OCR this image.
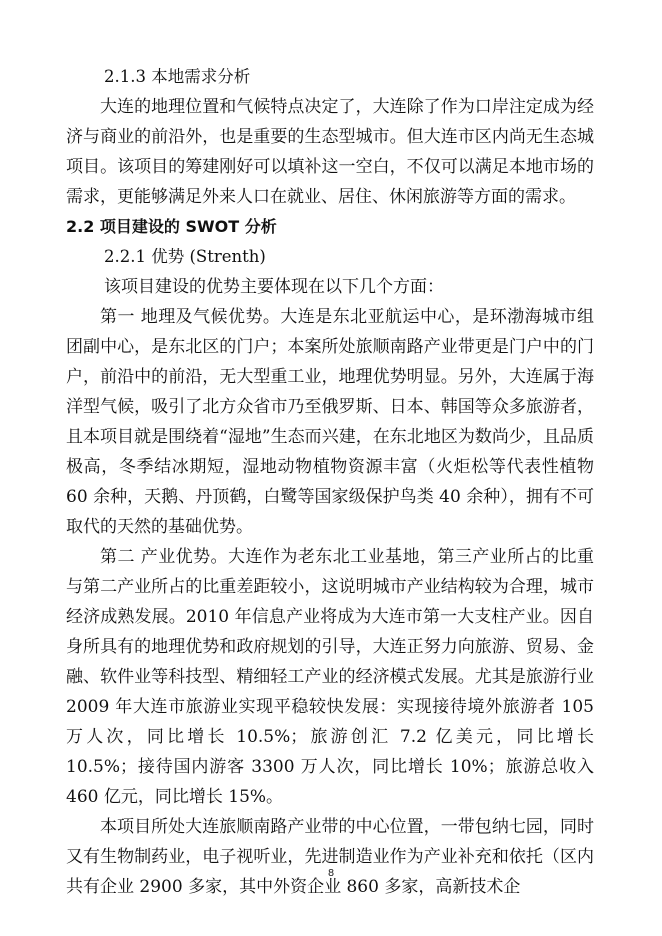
2.1.3 本地需求分析

大连的地理位置和气候特点决定了，大连除了作为口岸注定成为经济与商业的前沿外，也是重要的生态型城市。但大连市区内尚无生态城项目。该项目的筹建刚好可以填补这一空白，不仅可以满足本地市场的需求，更能够满足外来人口在就业、居住、休闲旅游等方面的需求。

2.2 项目建设的 SWOT 分析
2.2.1 优势 (Strenth)
该项目建设的优势主要体现在以下几个方面：

第一 地理及气候优势。大连是东北亚航运中心，是环渤海城市组团副中心，是东北区的门户；本案所处旅顺南路产业带更是门户中的门户，前沿中的前沿，无大型重工业，地理优势明显。另外，大连属于海洋型气候，吸引了北方众省市乃至俄罗斯、日本、韩国等众多旅游者，且本项目就是围绕着“湿地”生态而兴建，在东北地区为数尚少，且品质极高，冬季结冰期短，湿地动物植物资源丰富（火炬松等代表性植物 60 余种，天鹅、丹顶鹤，白鹭等国家级保护鸟类 40 余种），拥有不可取代的天然的基础优势。

第二 产业优势。大连作为老东北工业基地，第三产业所占的比重与第二产业所占的比重差距较小，这说明城市产业结构较为合理，城市经济成熟发展。2010 年信息产业将成为大连市第一大支柱产业。因自身所具有的地理优势和政府规划的引导，大连正努力向旅游、贸易、金融、软件业等科技型、精细轻工产业的经济模式发展。尤其是旅游行业 2009 年大连市旅游业实现平稳较快发展：实现接待境外旅游者 105 万人次，同比增长 10.5%；旅游创汇 7.2 亿美元，同比增长 10.5%；接待国内游客 3300 万人次，同比增长 10%；旅游总收入 460 亿元，同比增长 15%。

本项目所处大连旅顺南路产业带的中心位置，一带包纳七园，同时又有生物制药业，电子视听业，先进制造业作为产业补充和依托（区内共有企业 2900 多家，其中外资企业 860 多家，高新技术企

8
